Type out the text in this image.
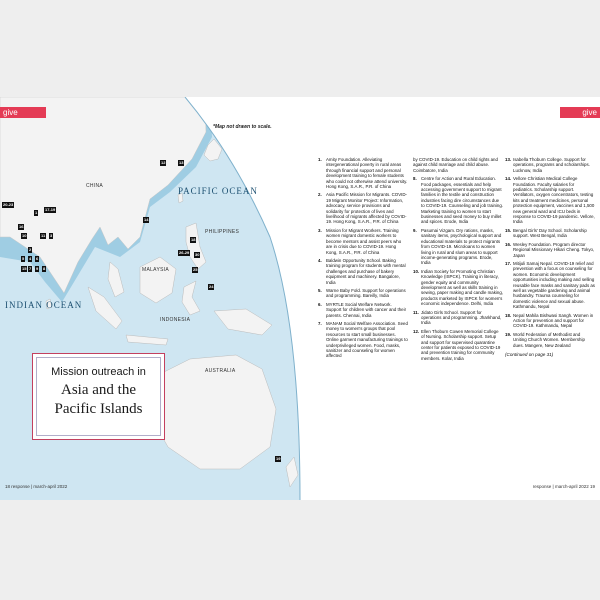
PACIFIC OCEAN
INDIAN OCEAN
CHINA
PHILIPPINES
MALAYSIA
INDONESIA
AUSTRALIA
20-23
17-19
16
1
10	11
4
3
2
14
6
15
5
7	8
9
24
12	13
18
26-29 30
25
19
give	give
*Map not drawn to scale.
Mission outreach in
Asia and the
Pacific Islands
1. Amity Foundation. Alleviating intergenerational poverty in rural areas through financial support and personal development training to female students who could not otherwise attend university. Hong Kong, S.A.R., P.R. of China
2. Asia Pacific Mission for Migrants. COVID-19 Migrant Monitor Project: Information, advocacy, service provisions and solidarity for protection of lives and livelihood of migrants affected by COVID-19. Hong Kong, S.A.R., P.R. of China
3. Mission for Migrant Workers. Training women migrant domestic workers to become mentors and assist peers who are in crisis due to COVID-19. Hong Kong, S.A.R., P.R. of China
4. Baldwin Opportunity School. Baking training program for students with mental challenges and purchase of bakery equipment and machinery. Bangalore, India
5. Warne Baby Fold. Support for operations and programming. Bareilly, India
6. MYRTLE Social Welfare Network. Support for children with cancer and their parents. Chennai, India
7. MANAM Social Welfare Association. Seed money to women's groups that pool resources to start small businesses. Online garment manufacturing trainings to underprivileged women. Food, masks, sanitizer and counseling for women affected
by COVID-19. Education on child rights and against child marriage and child abuse. Coimbatore, India
8. Centre for Action and Rural Education. Food packages, essentials and help accessing government support to migrant families in the textile and construction industries facing dire circumstances due to COVID-19. Counseling and job training. Marketing training to women to start businesses and seed money to buy millet and spices. Erode, India
9. Pasumai Vizgam. Dry rations, masks, sanitary items, psychological support and educational materials to protect migrants from COVID-19. Microloans to women living in rural and slum areas to support income-generating programs. Erode, India
10. Indian Society for Promoting Christian Knowledge (ISPCK). Training in literacy, gender equity and community development as well as skills training in sewing, paper making and candle making, products marketed by ISPCK for women's economic independence. Delhi, India
11. Jidato Girls School. Support for operations and programming. Jharkhand, India
12. Ellen Thoburn Cowen Memorial College of Nursing. Scholarship support. Setup and support for supervised quarantine center for patients exposed to COVID-19 and prevention training for community members. Kolar, India
13. Isabella Thoburn College. Support for operations, programs and scholarships. Lucknow, India
14. Vellore Christian Medical College Foundation. Faculty salaries for pediatrics. Scholarship support. Ventilators, oxygen concentrators, testing kits and treatment medicines, personal protection equipment, vaccines and 1,500 new general ward and ICU beds in response to COVID-19 pandemic. Vellore, India
15. Bengal Girls' Day School. Scholarship support. West Bengal, India
16. Wesley Foundation. Program director Regional Missionary Hikari Cheng. Tokyo, Japan
17. Mitijuli Samaj Nepal. COVID-19 relief and prevention with a focus on counseling for women. Economic development opportunities including making and selling reusable face masks and sanitary pads as well as vegetable gardening and animal husbandry. Trauma counseling for domestic violence and sexual abuse. Kathmandu, Nepal
18. Nepal Mahila Bishwasi Sangh. Women in Action for prevention and support for COVID-19. Kathmandu, Nepal
19. World Federation of Methodist and Uniting Church Women. Membership dues. Mangere, New Zealand
(Continued on page 31)
18 response | march-april 2022	response | march-april 2022 19
